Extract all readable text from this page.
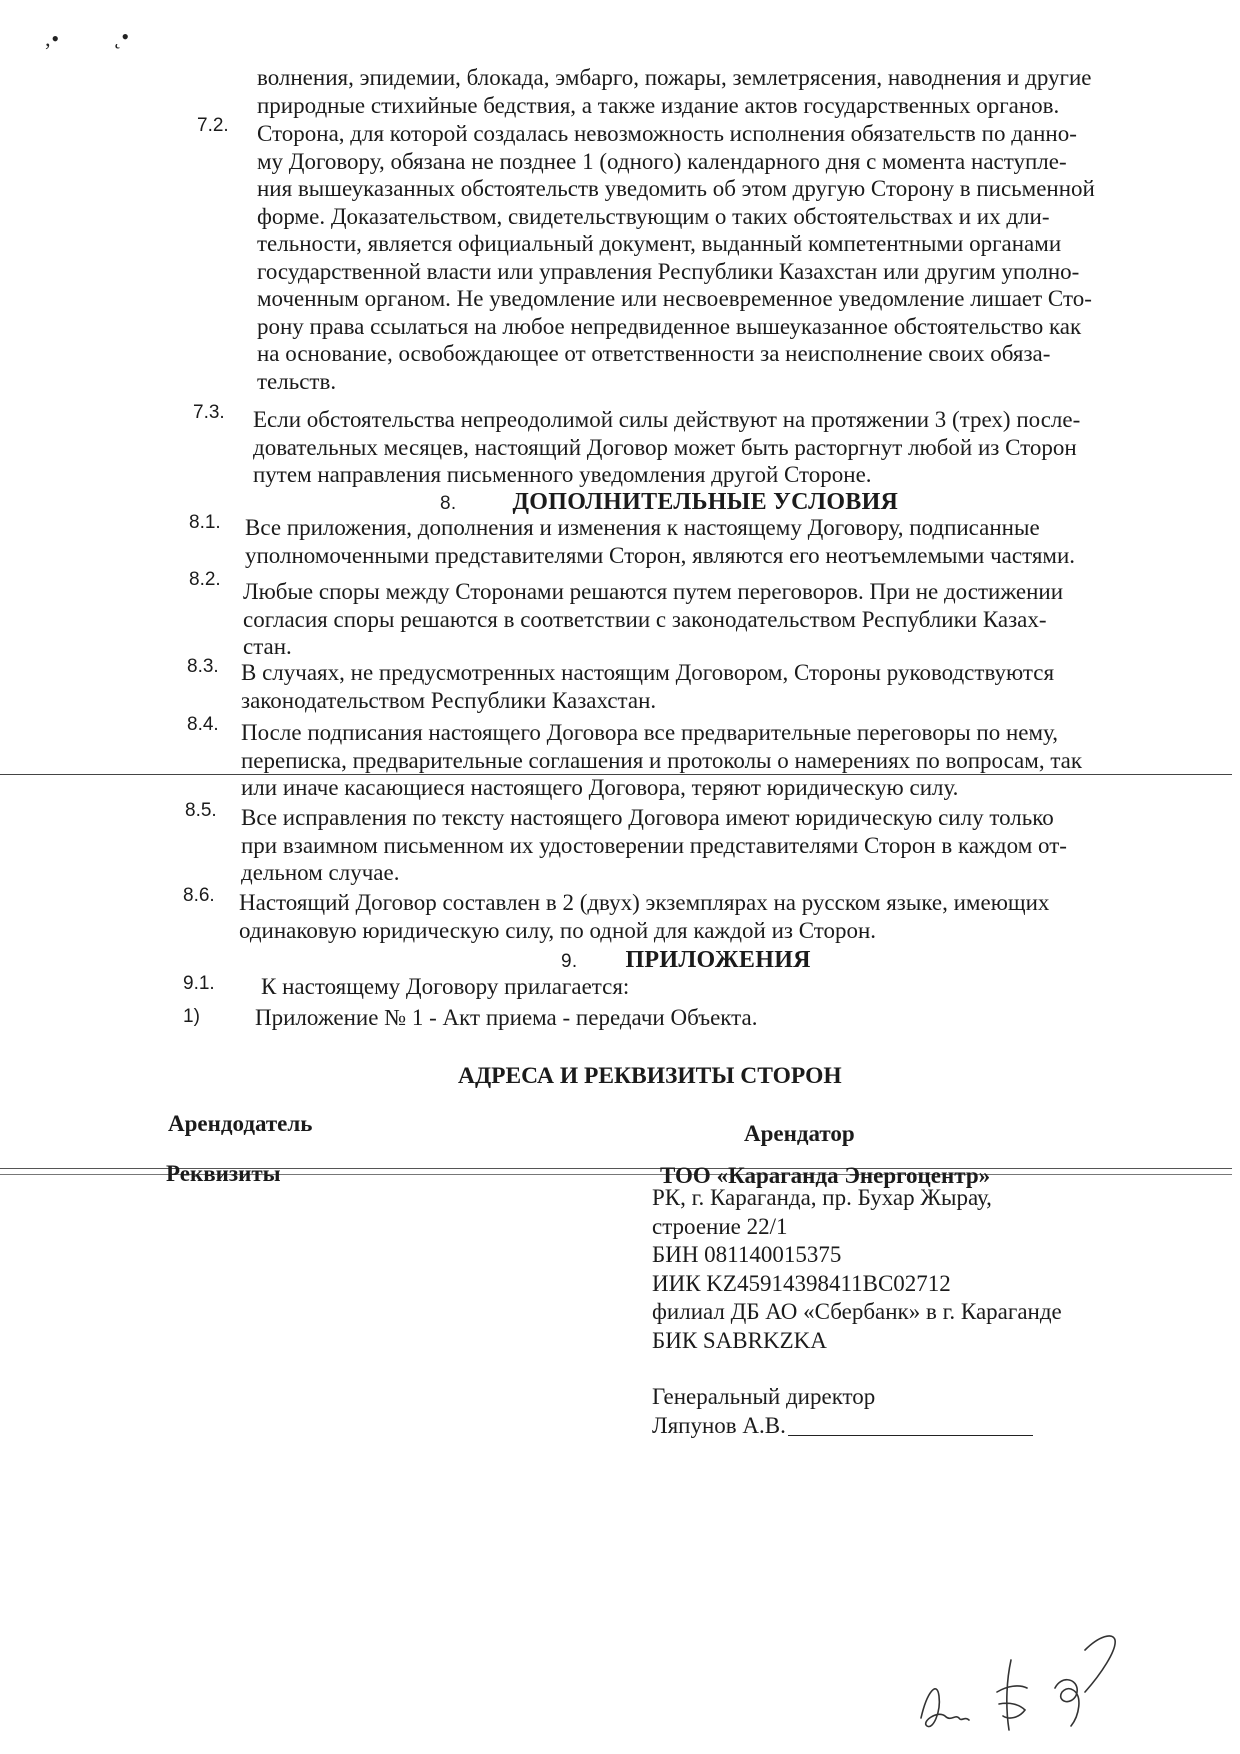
‚• ˛•
волнения, эпидемии, блокада, эмбарго, пожары, землетрясения, наводнения и другие
природные стихийные бедствия, а также издание актов государственных органов.
7.2. Сторона, для которой создалась невозможность исполнения обязательств по данно-
му Договору, обязана не позднее 1 (одного) календарного дня с момента наступле-
ния вышеуказанных обстоятельств уведомить об этом другую Сторону в письменной
форме. Доказательством, свидетельствующим о таких обстоятельствах и их дли-
тельности, является официальный документ, выданный компетентными органами
государственной власти или управления Республики Казахстан или другим уполно-
моченным органом. Не уведомление или несвоевременное уведомление лишает Сто-
рону права ссылаться на любое непредвиденное вышеуказанное обстоятельство как
на основание, освобождающее от ответственности за неисполнение своих обяза-
тельств.
7.3. Если обстоятельства непреодолимой силы действуют на протяжении 3 (трех) после-
довательных месяцев, настоящий Договор может быть расторгнут любой из Сторон
путем направления письменного уведомления другой Стороне.
8. ДОПОЛНИТЕЛЬНЫЕ УСЛОВИЯ
8.1. Все приложения, дополнения и изменения к настоящему Договору, подписанные
уполномоченными представителями Сторон, являются его неотъемлемыми частями.
8.2. Любые споры между Сторонами решаются путем переговоров. При не достижении
согласия споры решаются в соответствии с законодательством Республики Казах-
стан.
8.3. В случаях, не предусмотренных настоящим Договором, Стороны руководствуются
законодательством Республики Казахстан.
8.4. После подписания настоящего Договора все предварительные переговоры по нему,
переписка, предварительные соглашения и протоколы о намерениях по вопросам, так
или иначе касающиеся настоящего Договора, теряют юридическую силу.
8.5. Все исправления по тексту настоящего Договора имеют юридическую силу только
при взаимном письменном их удостоверении представителями Сторон в каждом от-
дельном случае.
8.6. Настоящий Договор составлен в 2 (двух) экземплярах на русском языке, имеющих
одинаковую юридическую силу, по одной для каждой из Сторон.
9. ПРИЛОЖЕНИЯ
9.1. К настоящему Договору прилагается:
1) Приложение № 1 - Акт приема - передачи Объекта.
АДРЕСА И РЕКВИЗИТЫ СТОРОН
Арендодатель	Арендатор
Реквизиты	ТОО «Караганда Энергоцентр»
РК, г. Караганда, пр. Бухар Жырау,
строение 22/1
БИН 081140015375
ИИК KZ45914398411BC02712
филиал ДБ АО «Сбербанк» в г. Караганде
БИК SABRKZKA
Генеральный директор
Ляпунов А.В.
